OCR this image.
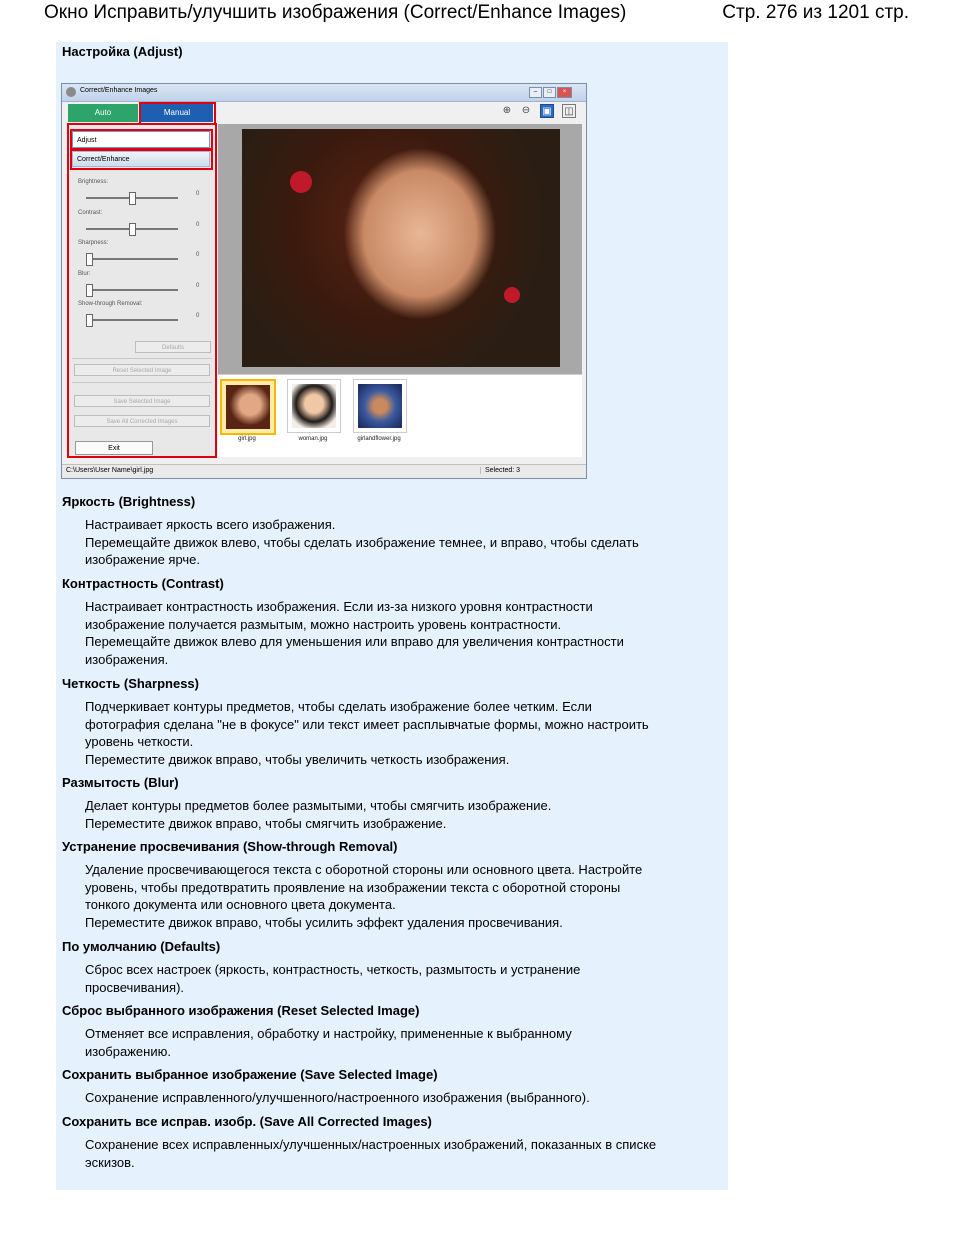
Окно Исправить/улучшить изображения (Correct/Enhance Images)	Стр. 276 из 1201 стр.
Настройка (Adjust)
Correct/Enhance Images	–	□	×
Auto	Manual
Adjust
Correct/Enhance
Brightness:
0
Contrast:
0
Sharpness:
0
Blur:
0
Show-through Removal:
0
Defaults
Reset Selected Image
Save Selected Image
Save All Corrected Images
Exit
⊕ ⊖ ▣ ◫
girl.jpg	woman.jpg	girlandflower.jpg
C:\Users\User Name\girl.jpg	Selected: 3
Яркость (Brightness)
Настраивает яркость всего изображения.
Перемещайте движок влево, чтобы сделать изображение темнее, и вправо, чтобы сделать
изображение ярче.
Контрастность (Contrast)
Настраивает контрастность изображения. Если из-за низкого уровня контрастности
изображение получается размытым, можно настроить уровень контрастности.
Перемещайте движок влево для уменьшения или вправо для увеличения контрастности
изображения.
Четкость (Sharpness)
Подчеркивает контуры предметов, чтобы сделать изображение более четким. Если
фотография сделана "не в фокусе" или текст имеет расплывчатые формы, можно настроить
уровень четкости.
Переместите движок вправо, чтобы увеличить четкость изображения.
Размытость (Blur)
Делает контуры предметов более размытыми, чтобы смягчить изображение.
Переместите движок вправо, чтобы смягчить изображение.
Устранение просвечивания (Show-through Removal)
Удаление просвечивающегося текста с оборотной стороны или основного цвета. Настройте
уровень, чтобы предотвратить проявление на изображении текста с оборотной стороны
тонкого документа или основного цвета документа.
Переместите движок вправо, чтобы усилить эффект удаления просвечивания.
По умолчанию (Defaults)
Сброс всех настроек (яркость, контрастность, четкость, размытость и устранение
просвечивания).
Сброс выбранного изображения (Reset Selected Image)
Отменяет все исправления, обработку и настройку, примененные к выбранному
изображению.
Сохранить выбранное изображение (Save Selected Image)
Сохранение исправленного/улучшенного/настроенного изображения (выбранного).
Сохранить все исправ. изобр. (Save All Corrected Images)
Сохранение всех исправленных/улучшенных/настроенных изображений, показанных в списке
эскизов.
